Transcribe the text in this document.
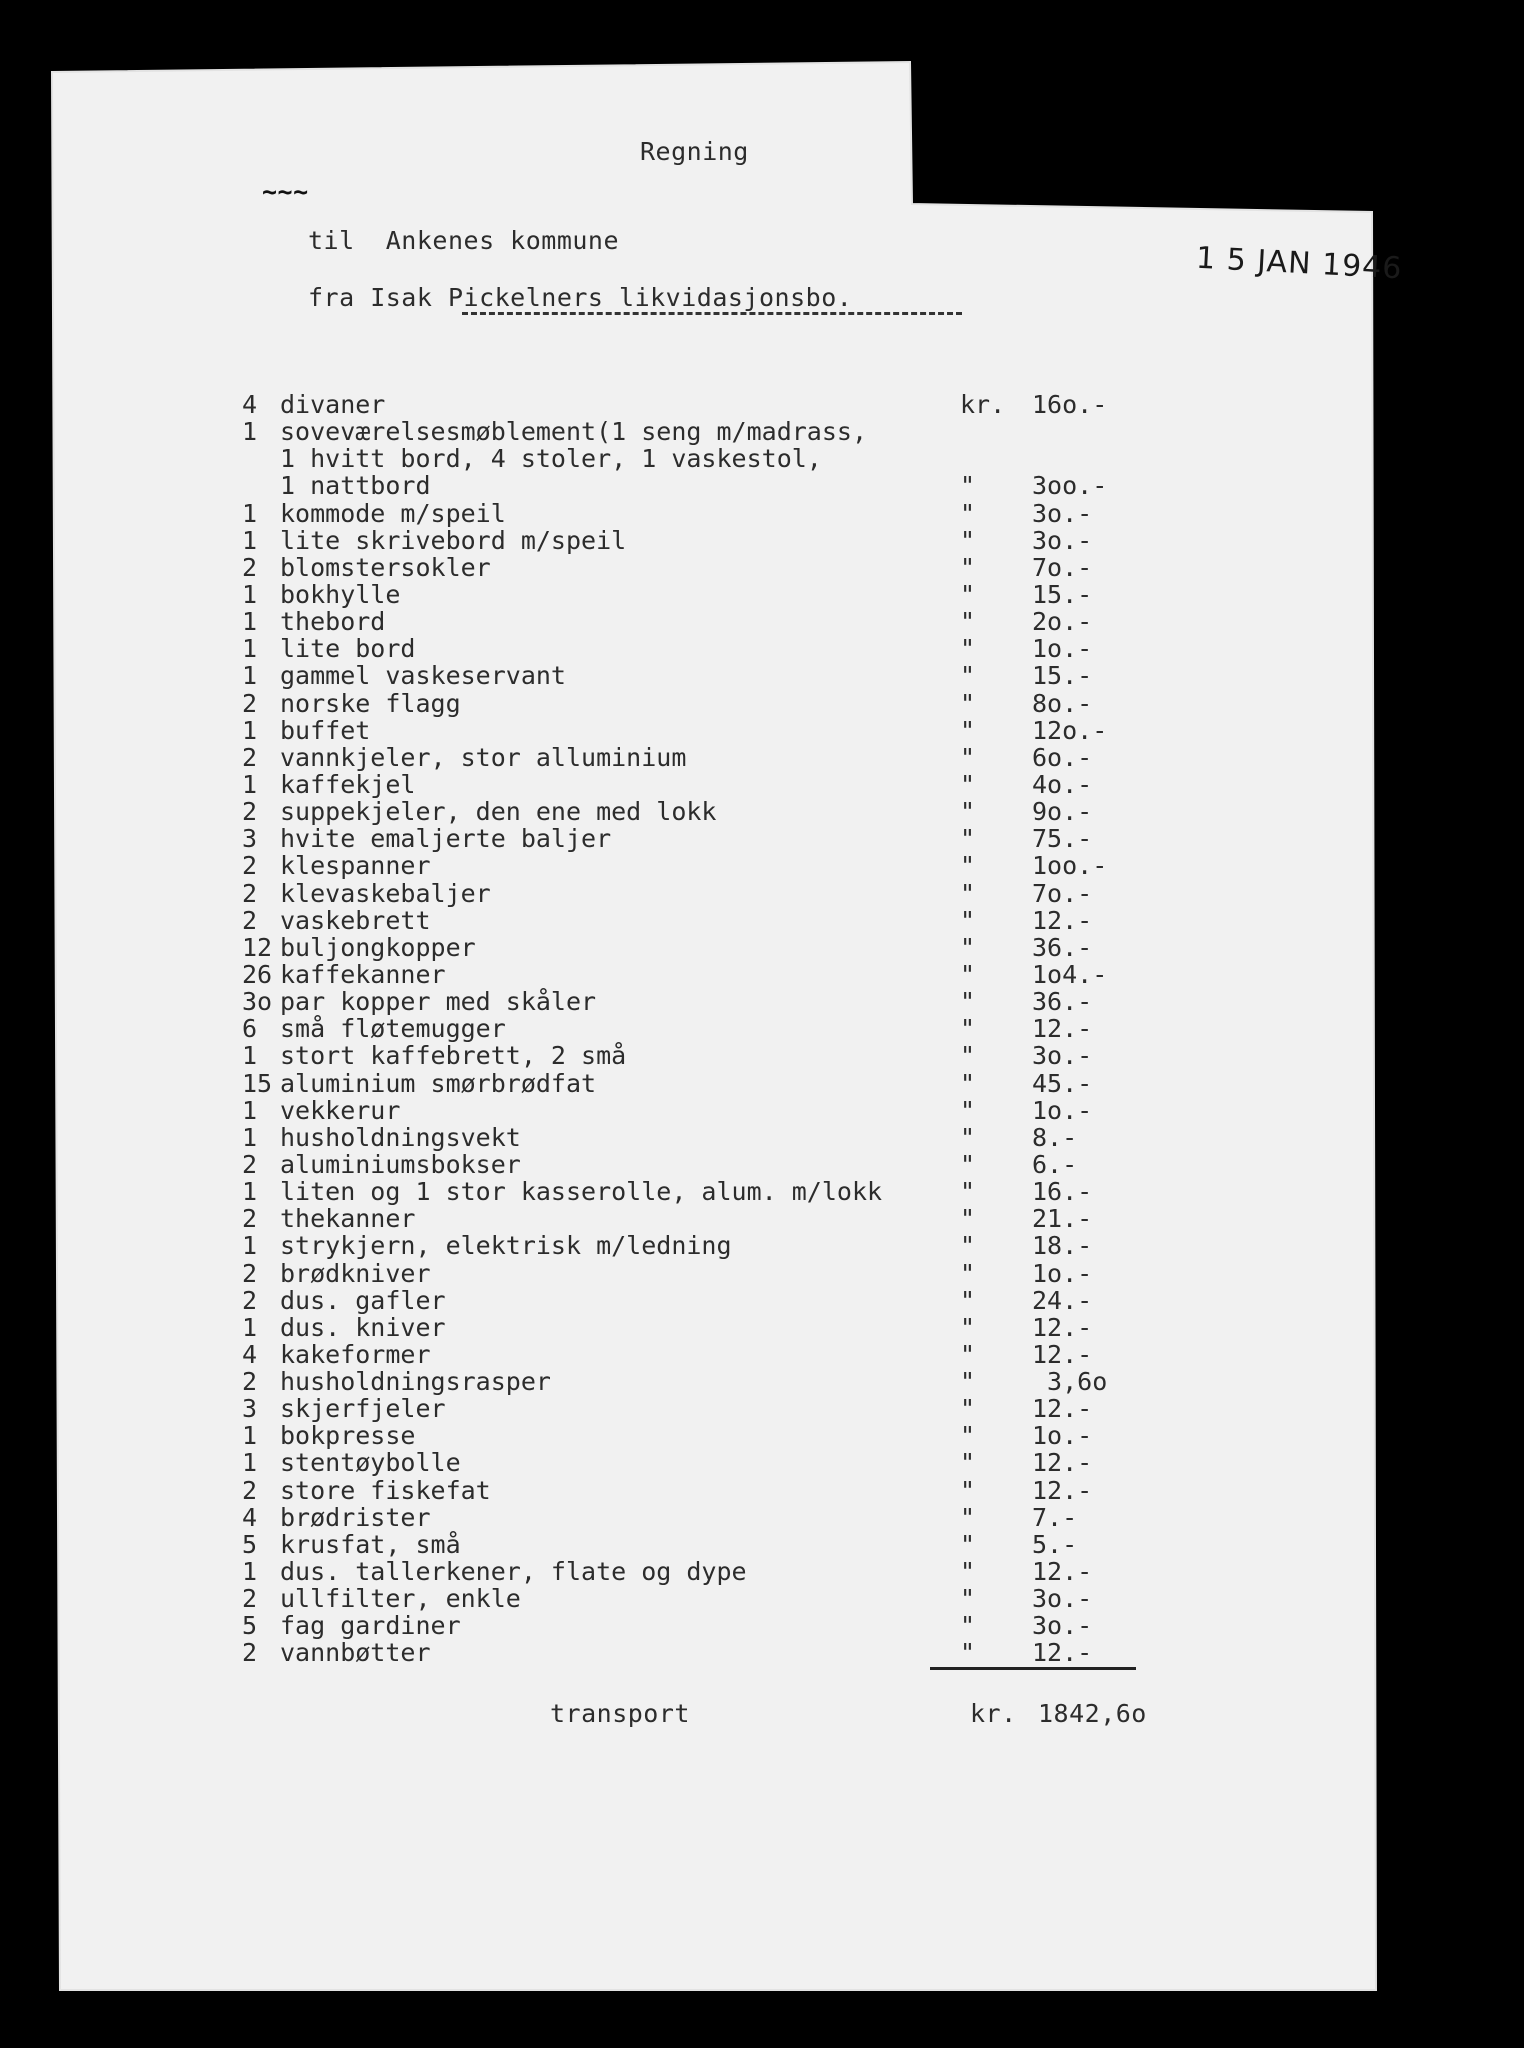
Regning
~~~
til  Ankenes kommune
fra Isak Pickelners likvidasjonsbo.
1 5 JAN 1946
4 divaner	kr. 16o.-
1 soveværelsesmøblement(1 seng m/madrass,
1 hvitt bord, 4 stoler, 1 vaskestol,
1 nattbord	" 3oo.-
1 kommode m/speil	" 3o.-
1 lite skrivebord m/speil	" 3o.-
2 blomstersokler	" 7o.-
1 bokhylle	" 15.-
1 thebord	" 2o.-
1 lite bord	" 1o.-
1 gammel vaskeservant	" 15.-
2 norske flagg	" 8o.-
1 buffet	" 12o.-
2 vannkjeler, stor alluminium	" 6o.-
1 kaffekjel	" 4o.-
2 suppekjeler, den ene med lokk	" 9o.-
3 hvite emaljerte baljer	" 75.-
2 klespanner	" 1oo.-
2 klevaskebaljer	" 7o.-
2 vaskebrett	" 12.-
12 buljongkopper	" 36.-
26 kaffekanner	" 1o4.-
3o par kopper med skåler	" 36.-
6 små fløtemugger	" 12.-
1 stort kaffebrett, 2 små	" 3o.-
15 aluminium smørbrødfat	" 45.-
1 vekkerur	" 1o.-
1 husholdningsvekt	" 8.-
2 aluminiumsbokser	" 6.-
1 liten og 1 stor kasserolle, alum. m/lokk	" 16.-
2 thekanner	" 21.-
1 strykjern, elektrisk m/ledning	" 18.-
2 brødkniver	" 1o.-
2 dus. gafler	" 24.-
1 dus. kniver	" 12.-
4 kakeformer	" 12.-
2 husholdningsrasper	" 3,6o
3 skjerfjeler	" 12.-
1 bokpresse	" 1o.-
1 stentøybolle	" 12.-
2 store fiskefat	" 12.-
4 brødrister	" 7.-
5 krusfat, små	" 5.-
1 dus. tallerkener, flate og dype	" 12.-
2 ullfilter, enkle	" 3o.-
5 fag gardiner	" 3o.-
2 vannbøtter	" 12.-
transport	kr. 1842,6o
